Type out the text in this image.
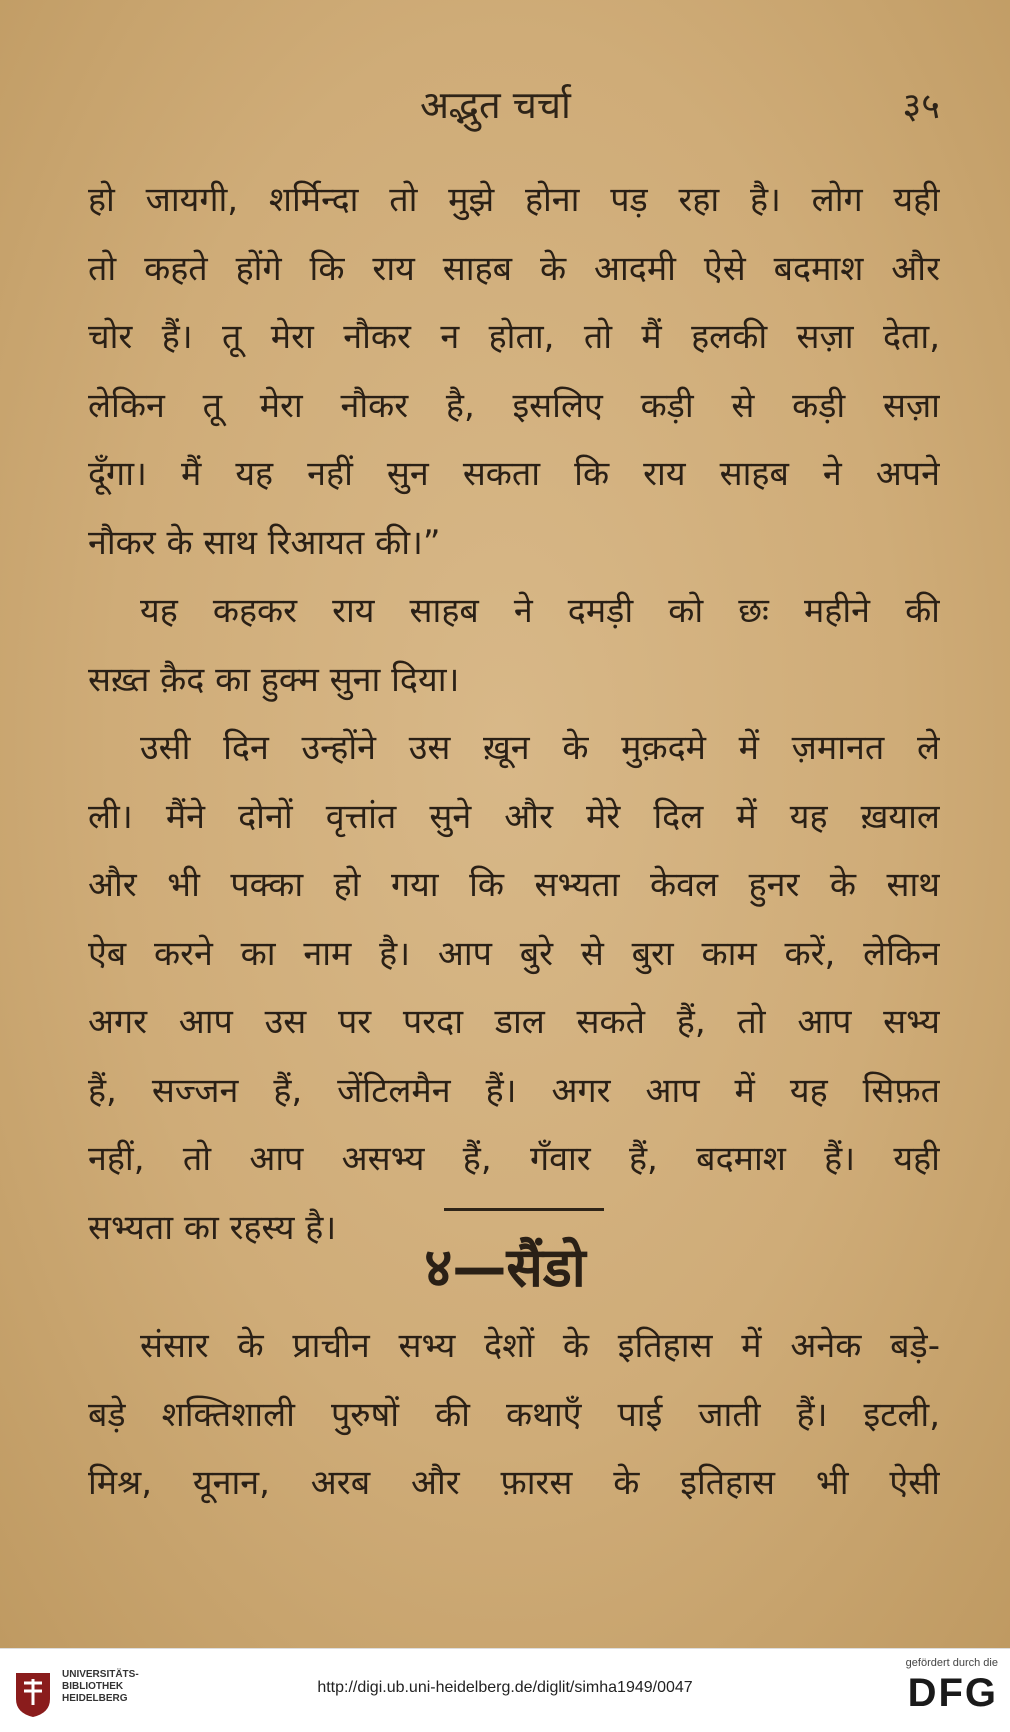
अद्भुत चर्चा	३५
हो जायगी, शर्मिन्दा तो मुझे होना पड़ रहा है। लोग यही
तो कहते होंगे कि राय साहब के आदमी ऐसे बदमाश और
चोर हैं। तू मेरा नौकर न होता, तो मैं हलकी सज़ा देता,
लेकिन तू मेरा नौकर है, इसलिए कड़ी से कड़ी सज़ा
दूँगा। मैं यह नहीं सुन सकता कि राय साहब ने अपने
नौकर के साथ रिआयत की।”
यह कहकर राय साहब ने दमड़ी को छः महीने की
सख़्त क़ैद का हुक्म सुना दिया।
उसी दिन उन्होंने उस ख़ून के मुक़दमे में ज़मानत ले
ली। मैंने दोनों वृत्तांत सुने और मेरे दिल में यह ख़याल
और भी पक्का हो गया कि सभ्यता केवल हुनर के साथ
ऐब करने का नाम है। आप बुरे से बुरा काम करें, लेकिन
अगर आप उस पर परदा डाल सकते हैं, तो आप सभ्य
हैं, सज्जन हैं, जेंटिलमैन हैं। अगर आप में यह सिफ़त
नहीं, तो आप असभ्य हैं, गँवार हैं, बदमाश हैं। यही
सभ्यता का रहस्य है।
४—सैंडो
संसार के प्राचीन सभ्य देशों के इतिहास में अनेक बड़े-
बड़े शक्तिशाली पुरुषों की कथाएँ पाई जाती हैं। इटली,
मिश्र, यूनान, अरब और फ़ारस के इतिहास भी ऐसी
UNIVERSITÄTS-
BIBLIOTHEK
HEIDELBERG
http://digi.ub.uni-heidelberg.de/diglit/simha1949/0047
gefördert durch die
DFG
